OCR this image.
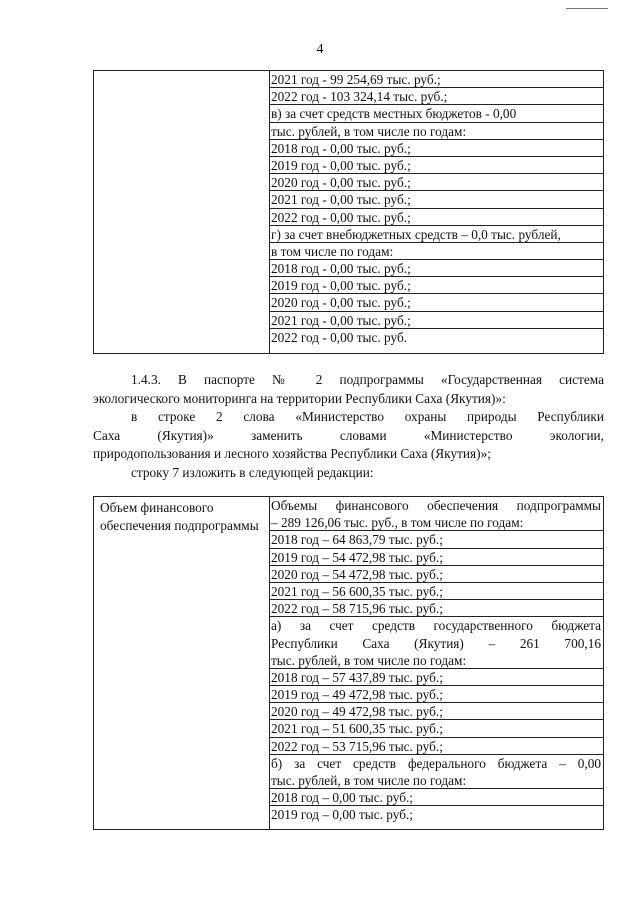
4
2021 год - 99 254,69 тыс. руб.;
2022 год - 103 324,14 тыс. руб.;
в) за счет средств местных бюджетов - 0,00
тыс. рублей, в том числе по годам:
2018 год - 0,00 тыс. руб.;
2019 год - 0,00 тыс. руб.;
2020 год - 0,00 тыс. руб.;
2021 год - 0,00 тыс. руб.;
2022 год - 0,00 тыс. руб.;
г) за счет внебюджетных средств – 0,0 тыс. рублей,
в том числе по годам:
2018 год - 0,00 тыс. руб.;
2019 год - 0,00 тыс. руб.;
2020 год - 0,00 тыс. руб.;
2021 год - 0,00 тыс. руб.;
2022 год - 0,00 тыс. руб.
1.4.3. В паспорте № 2 подпрограммы «Государственная система
экологического мониторинга на территории Республики Саха (Якутия)»:
в строке 2 слова «Министерство охраны природы Республики
Саха (Якутия)» заменить словами «Министерство экологии,
природопользования и лесного хозяйства Республики Саха (Якутия)»;
строку 7 изложить в следующей редакции:
Объем финансового обеспечения подпрограммы
Объемы финансового обеспечения подпрограммы
– 289 126,06 тыс. руб., в том числе по годам:
2018 год – 64 863,79 тыс. руб.;
2019 год – 54 472,98 тыс. руб.;
2020 год – 54 472,98 тыс. руб.;
2021 год – 56 600,35 тыс. руб.;
2022 год – 58 715,96 тыс. руб.;
а) за счет средств государственного бюджета
Республики Саха (Якутия) – 261 700,16
тыс. рублей, в том числе по годам:
2018 год – 57 437,89 тыс. руб.;
2019 год – 49 472,98 тыс. руб.;
2020 год – 49 472,98 тыс. руб.;
2021 год – 51 600,35 тыс. руб.;
2022 год – 53 715,96 тыс. руб.;
б) за счет средств федерального бюджета – 0,00
тыс. рублей, в том числе по годам:
2018 год – 0,00 тыс. руб.;
2019 год – 0,00 тыс. руб.;
